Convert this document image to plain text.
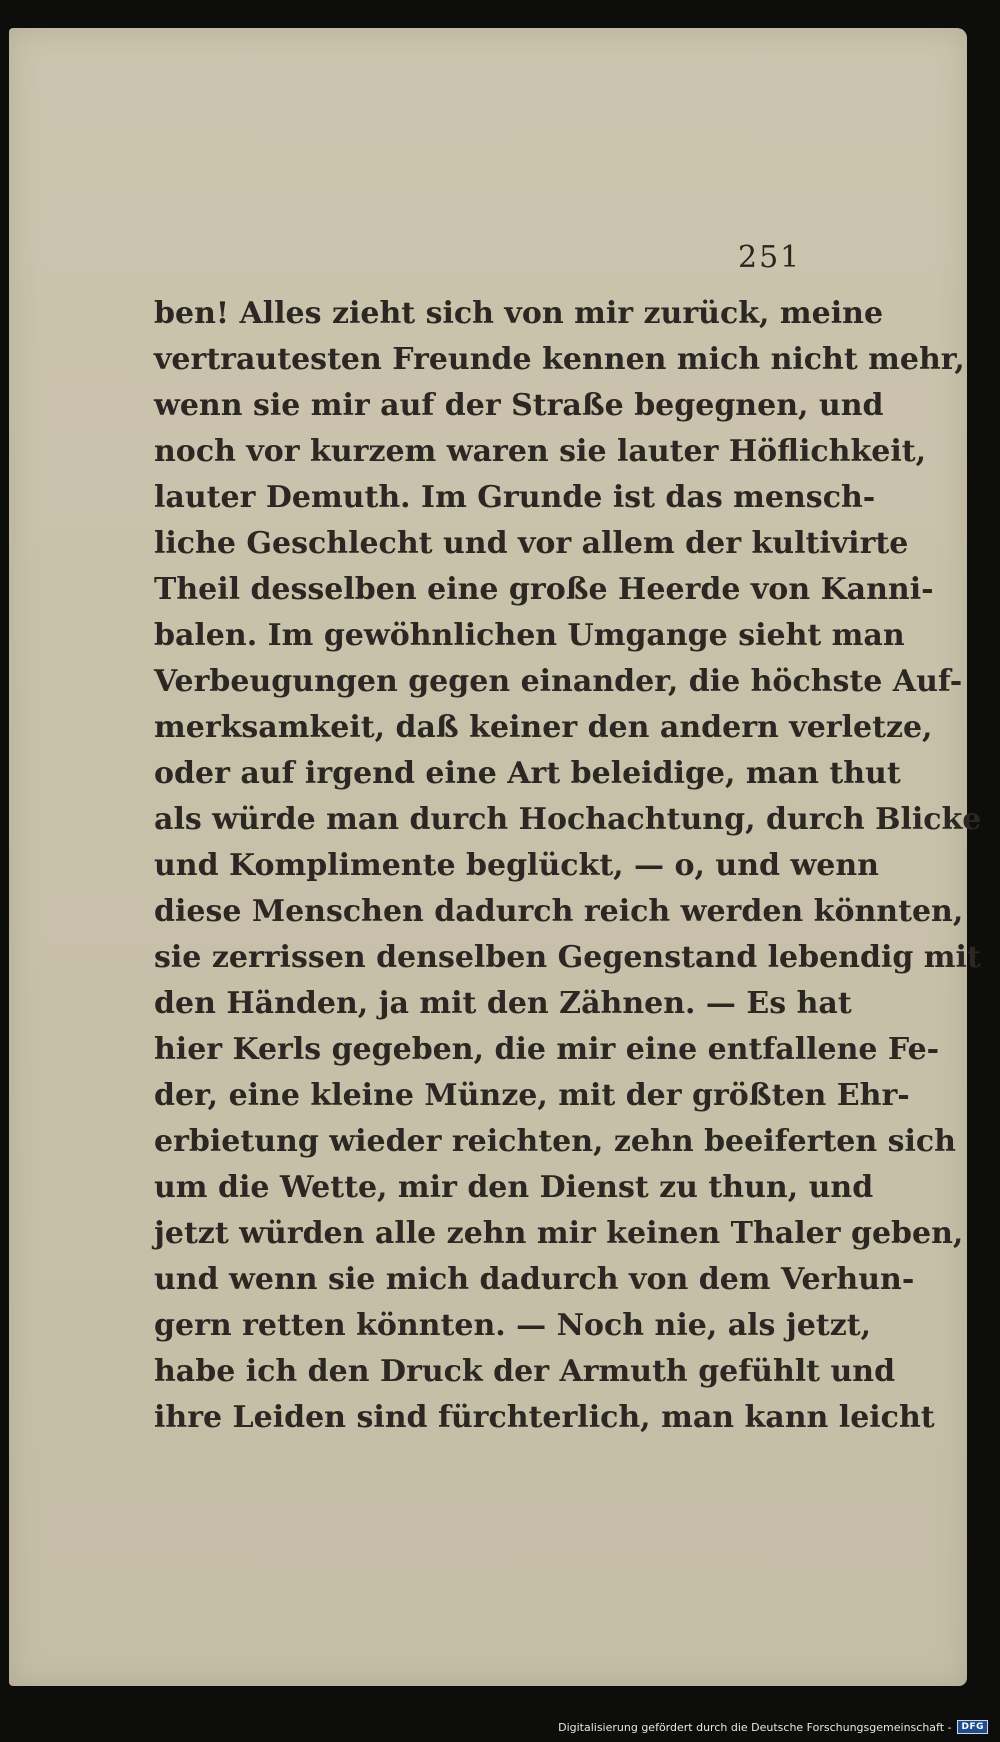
251
ben! Alles zieht sich von mir zurück, meine
vertrautesten Freunde kennen mich nicht mehr,
wenn sie mir auf der Straße begegnen, und
noch vor kurzem waren sie lauter Höflichkeit,
lauter Demuth. Im Grunde ist das mensch-
liche Geschlecht und vor allem der kultivirte
Theil desselben eine große Heerde von Kanni-
balen. Im gewöhnlichen Umgange sieht man
Verbeugungen gegen einander, die höchste Auf-
merksamkeit, daß keiner den andern verletze,
oder auf irgend eine Art beleidige, man thut
als würde man durch Hochachtung, durch Blicke
und Komplimente beglückt, — o, und wenn
diese Menschen dadurch reich werden könnten,
sie zerrissen denselben Gegenstand lebendig mit
den Händen, ja mit den Zähnen. — Es hat
hier Kerls gegeben, die mir eine entfallene Fe-
der, eine kleine Münze, mit der größten Ehr-
erbietung wieder reichten, zehn beeiferten sich
um die Wette, mir den Dienst zu thun, und
jetzt würden alle zehn mir keinen Thaler geben,
und wenn sie mich dadurch von dem Verhun-
gern retten könnten. — Noch nie, als jetzt,
habe ich den Druck der Armuth gefühlt und
ihre Leiden sind fürchterlich, man kann leicht
Digitalisierung gefördert durch die Deutsche Forschungsgemeinschaft -	DFG
